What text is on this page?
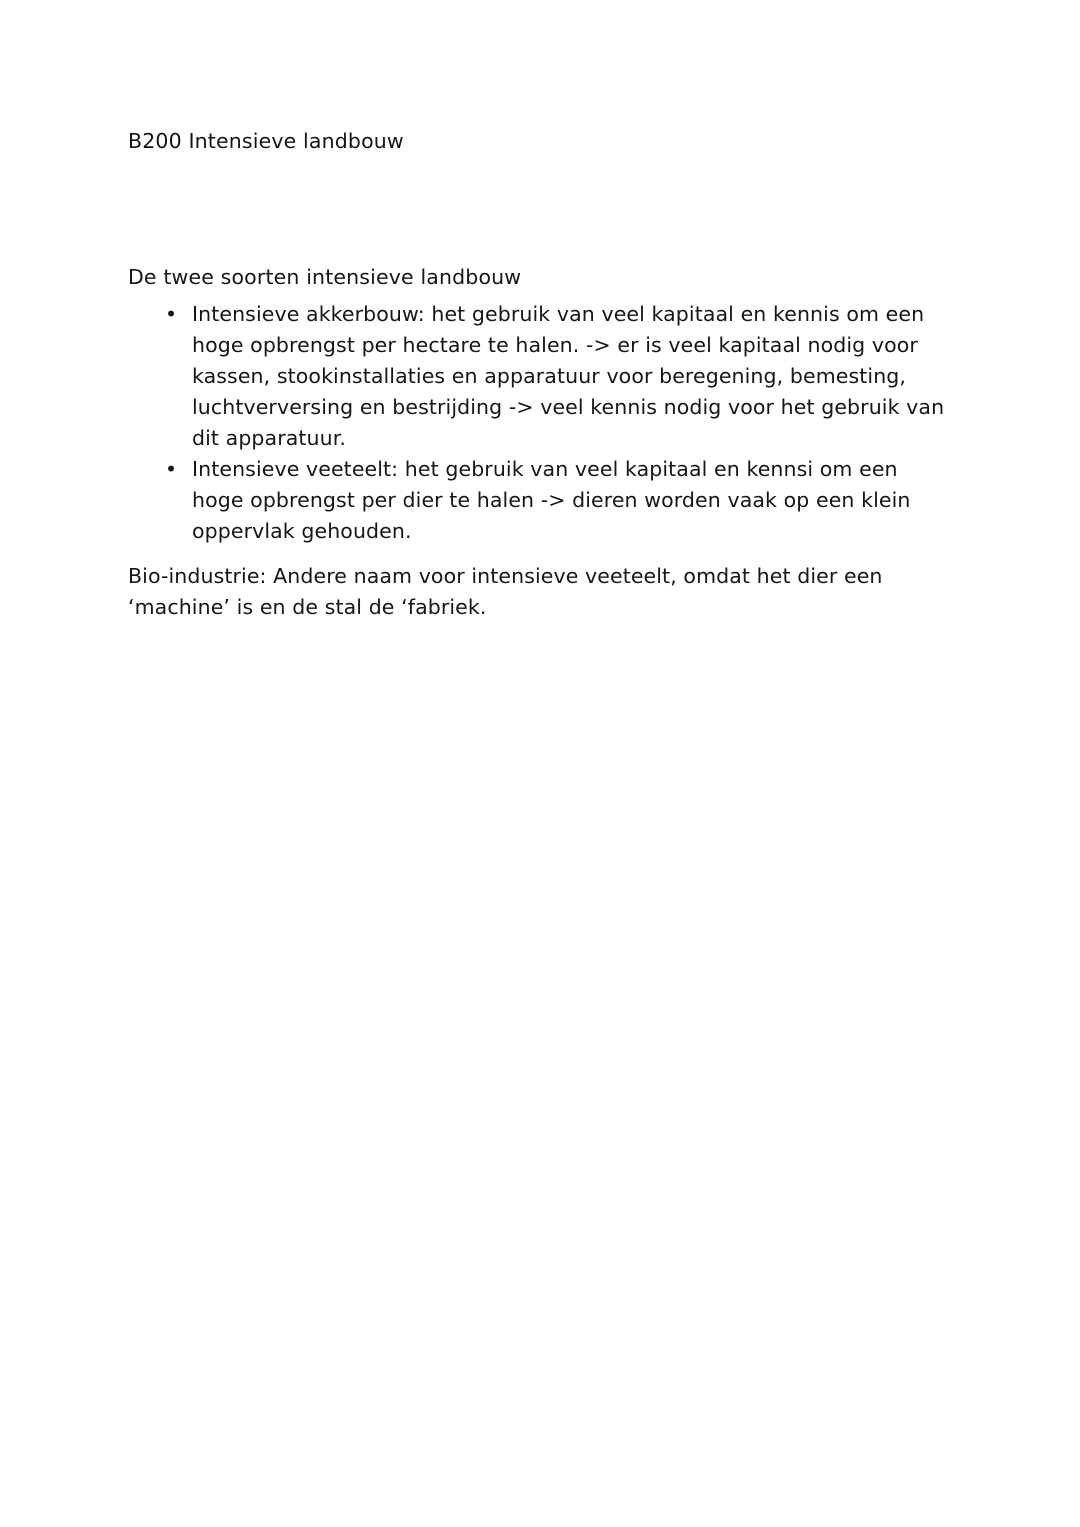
B200 Intensieve landbouw
De twee soorten intensieve landbouw
• Intensieve akkerbouw: het gebruik van veel kapitaal en kennis om een hoge opbrengst per hectare te halen. -> er is veel kapitaal nodig voor kassen, stookinstallaties en apparatuur voor beregening, bemesting, luchtverversing en bestrijding -> veel kennis nodig voor het gebruik van dit apparatuur.
• Intensieve veeteelt: het gebruik van veel kapitaal en kennsi om een hoge opbrengst per dier te halen -> dieren worden vaak op een klein oppervlak gehouden.

Bio-industrie: Andere naam voor intensieve veeteelt, omdat het dier een ‘machine’ is en de stal de ‘fabriek.
